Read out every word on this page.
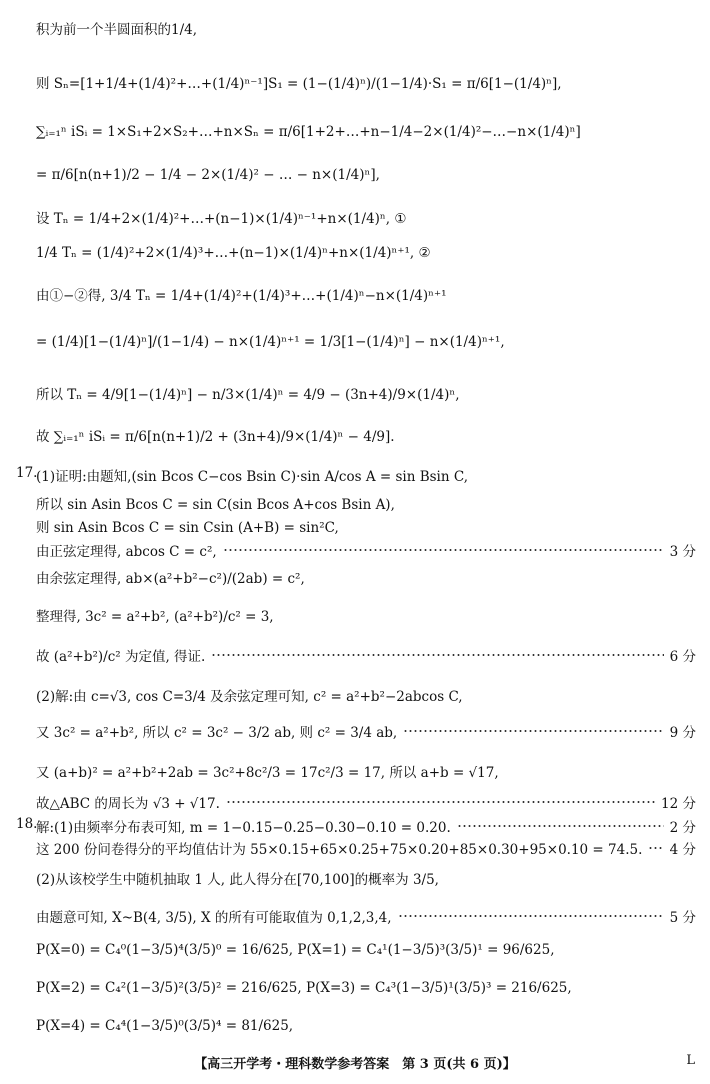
积为前一个半圆面积的1/4,
则 Sₙ=[1+1/4+(1/4)²+…+(1/4)ⁿ⁻¹]S₁ = (1−(1/4)ⁿ)/(1−1/4)·S₁ = π/6[1−(1/4)ⁿ],
∑ᵢ₌₁ⁿ iSᵢ = 1×S₁+2×S₂+…+n×Sₙ = π/6[1+2+…+n−1/4−2×(1/4)²−…−n×(1/4)ⁿ]
= π/6[n(n+1)/2 − 1/4 − 2×(1/4)² − … − n×(1/4)ⁿ],
设 Tₙ = 1/4+2×(1/4)²+…+(n−1)×(1/4)ⁿ⁻¹+n×(1/4)ⁿ, ①
1/4 Tₙ = (1/4)²+2×(1/4)³+…+(n−1)×(1/4)ⁿ+n×(1/4)ⁿ⁺¹, ②
由①−②得, 3/4 Tₙ = 1/4+(1/4)²+(1/4)³+…+(1/4)ⁿ−n×(1/4)ⁿ⁺¹
= (1/4)[1−(1/4)ⁿ]/(1−1/4) − n×(1/4)ⁿ⁺¹ = 1/3[1−(1/4)ⁿ] − n×(1/4)ⁿ⁺¹,
所以 Tₙ = 4/9[1−(1/4)ⁿ] − n/3×(1/4)ⁿ = 4/9 − (3n+4)/9×(1/4)ⁿ,
故 ∑ᵢ₌₁ⁿ iSᵢ = π/6[n(n+1)/2 + (3n+4)/9×(1/4)ⁿ − 4/9].
17.
(1)证明:由题知,(sin Bcos C−cos Bsin C)·sin A/cos A = sin Bsin C,
所以 sin Asin Bcos C = sin C(sin Bcos A+cos Bsin A),
则 sin Asin Bcos C = sin Csin (A+B) = sin²C,
由正弦定理得, abcos C = c²,	3 分
由余弦定理得, ab×(a²+b²−c²)/(2ab) = c²,
整理得, 3c² = a²+b², (a²+b²)/c² = 3,
故 (a²+b²)/c² 为定值, 得证.	6 分
(2)解:由 c=√3, cos C=3/4 及余弦定理可知, c² = a²+b²−2abcos C,
又 3c² = a²+b², 所以 c² = 3c² − 3/2 ab, 则 c² = 3/4 ab,	9 分
又 (a+b)² = a²+b²+2ab = 3c²+8c²/3 = 17c²/3 = 17, 所以 a+b = √17,
故△ABC 的周长为 √3 + √17.	12 分
18.
解:(1)由频率分布表可知, m = 1−0.15−0.25−0.30−0.10 = 0.20.	2 分
这 200 份问卷得分的平均值估计为 55×0.15+65×0.25+75×0.20+85×0.30+95×0.10 = 74.5. 4 分
(2)从该校学生中随机抽取 1 人, 此人得分在[70,100]的概率为 3/5,
由题意可知, X~B(4, 3/5), X 的所有可能取值为 0,1,2,3,4,	5 分
P(X=0) = C₄⁰(1−3/5)⁴(3/5)⁰ = 16/625, P(X=1) = C₄¹(1−3/5)³(3/5)¹ = 96/625,
P(X=2) = C₄²(1−3/5)²(3/5)² = 216/625, P(X=3) = C₄³(1−3/5)¹(3/5)³ = 216/625,
P(X=4) = C₄⁴(1−3/5)⁰(3/5)⁴ = 81/625,
【高三开学考・理科数学参考答案　第 3 页(共 6 页)】	L
